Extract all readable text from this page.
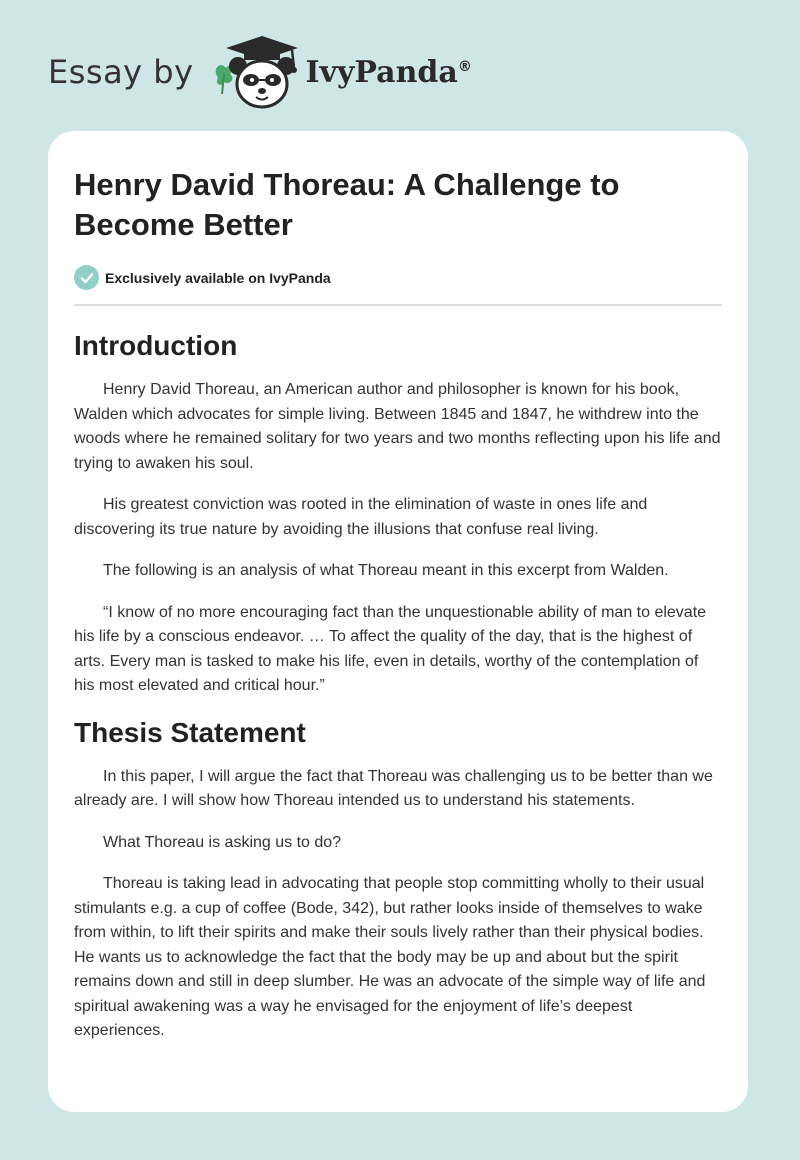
Essay by	IvyPanda®
Henry David Thoreau: A Challenge to Become Better
Exclusively available on IvyPanda
Introduction

Henry David Thoreau, an American author and philosopher is known for his book, Walden which advocates for simple living. Between 1845 and 1847, he withdrew into the woods where he remained solitary for two years and two months reflecting upon his life and trying to awaken his soul.

His greatest conviction was rooted in the elimination of waste in ones life and discovering its true nature by avoiding the illusions that confuse real living.

The following is an analysis of what Thoreau meant in this excerpt from Walden.

“I know of no more encouraging fact than the unquestionable ability of man to elevate his life by a conscious endeavor. … To affect the quality of the day, that is the highest of arts. Every man is tasked to make his life, even in details, worthy of the contemplation of his most elevated and critical hour.”

Thesis Statement

In this paper, I will argue the fact that Thoreau was challenging us to be better than we already are. I will show how Thoreau intended us to understand his statements.

What Thoreau is asking us to do?

Thoreau is taking lead in advocating that people stop committing wholly to their usual stimulants e.g. a cup of coffee (Bode, 342), but rather looks inside of themselves to wake from within, to lift their spirits and make their souls lively rather than their physical bodies. He wants us to acknowledge the fact that the body may be up and about but the spirit remains down and still in deep slumber. He was an advocate of the simple way of life and spiritual awakening was a way he envisaged for the enjoyment of life’s deepest experiences.
